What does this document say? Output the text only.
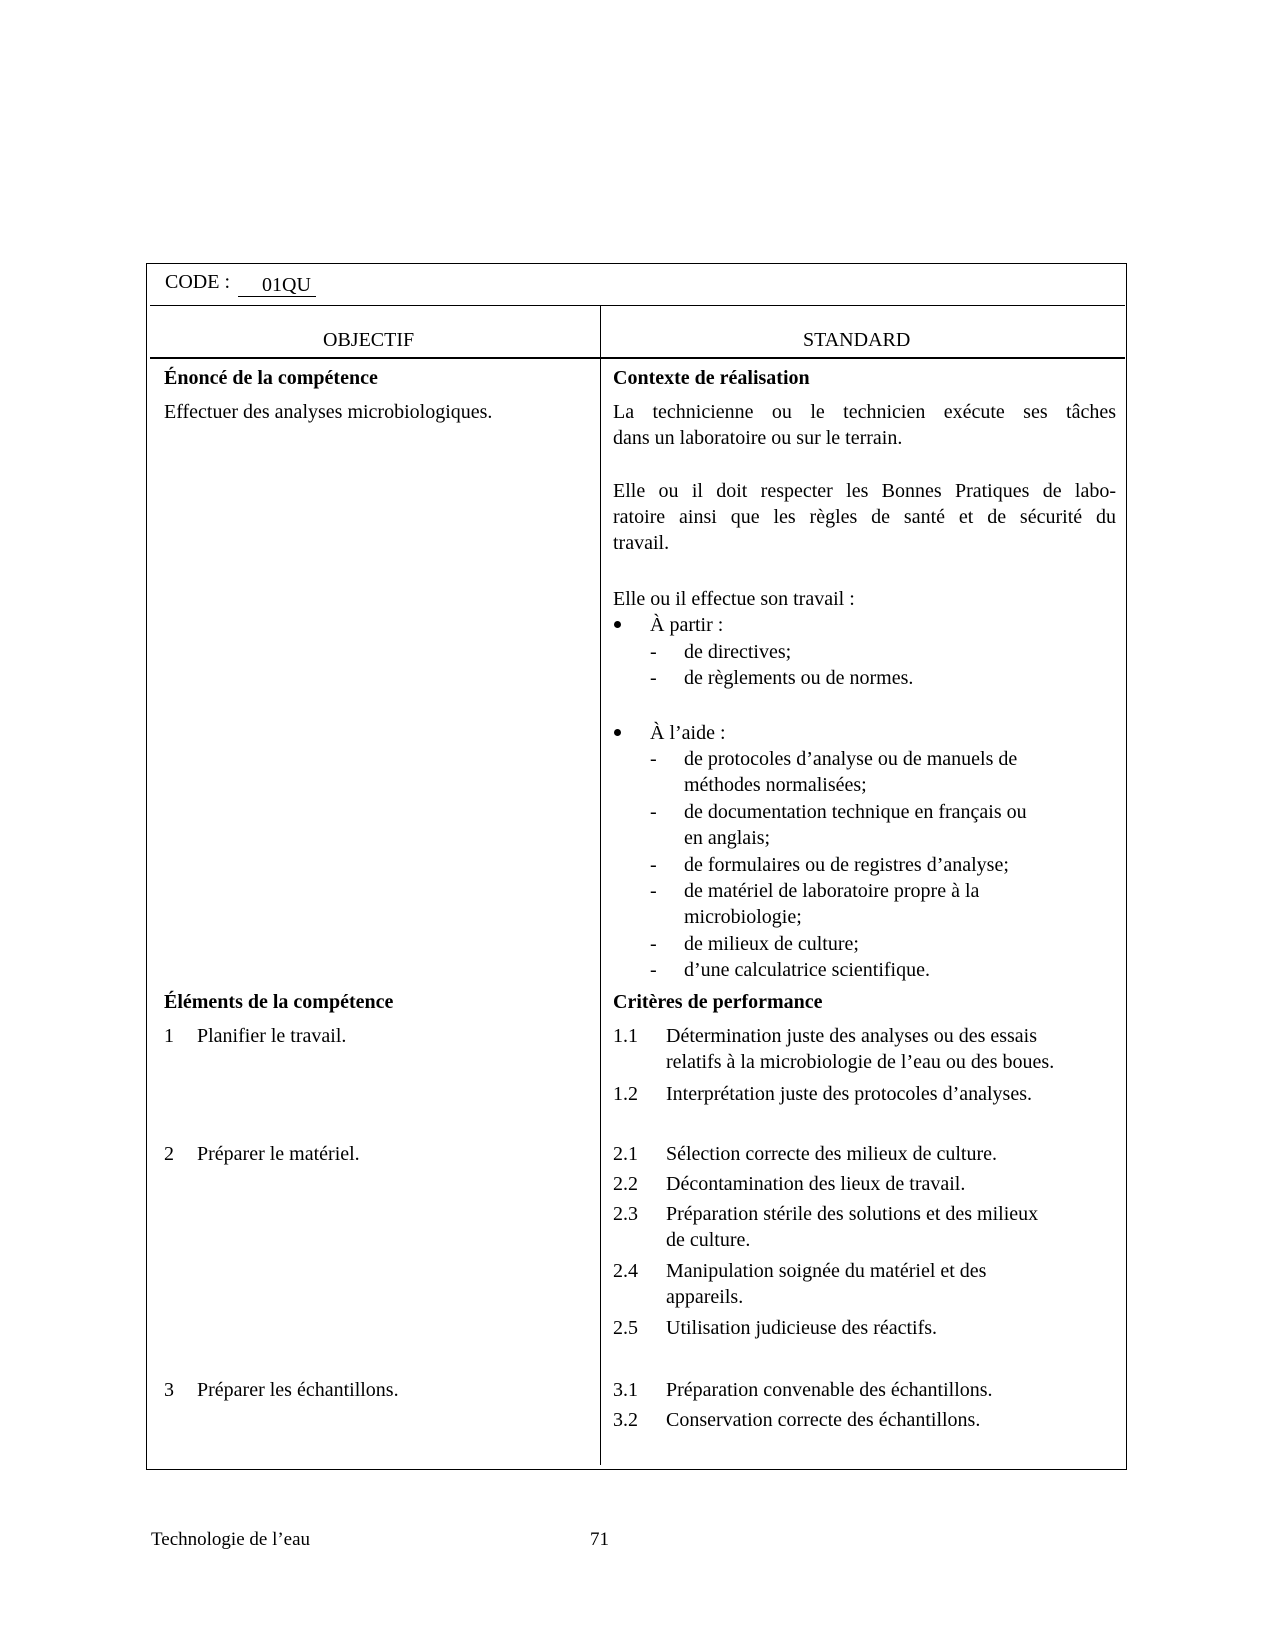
CODE : 01QU
OBJECTIF	STANDARD
Énoncé de la compétence
Effectuer des analyses microbiologiques.
Contexte de réalisation
La technicienne ou le technicien exécute ses tâches
dans un laboratoire ou sur le terrain.
Elle ou il doit respecter les Bonnes Pratiques de labo-
ratoire ainsi que les règles de santé et de sécurité du
travail.
Elle ou il effectue son travail :
À partir :
- de directives;
- de règlements ou de normes.
À l’aide :
- de protocoles d’analyse ou de manuels de
méthodes normalisées;
- de documentation technique en français ou
en anglais;
- de formulaires ou de registres d’analyse;
- de matériel de laboratoire propre à la
microbiologie;
- de milieux de culture;
- d’une calculatrice scientifique.
Éléments de la compétence
1 Planifier le travail.
2 Préparer le matériel.
3 Préparer les échantillons.
Critères de performance
1.1 Détermination juste des analyses ou des essais
relatifs à la microbiologie de l’eau ou des boues.
1.2 Interprétation juste des protocoles d’analyses.
2.1 Sélection correcte des milieux de culture.
2.2 Décontamination des lieux de travail.
2.3 Préparation stérile des solutions et des milieux
de culture.
2.4 Manipulation soignée du matériel et des
appareils.
2.5 Utilisation judicieuse des réactifs.
3.1 Préparation convenable des échantillons.
3.2 Conservation correcte des échantillons.
Technologie de l’eau	71
